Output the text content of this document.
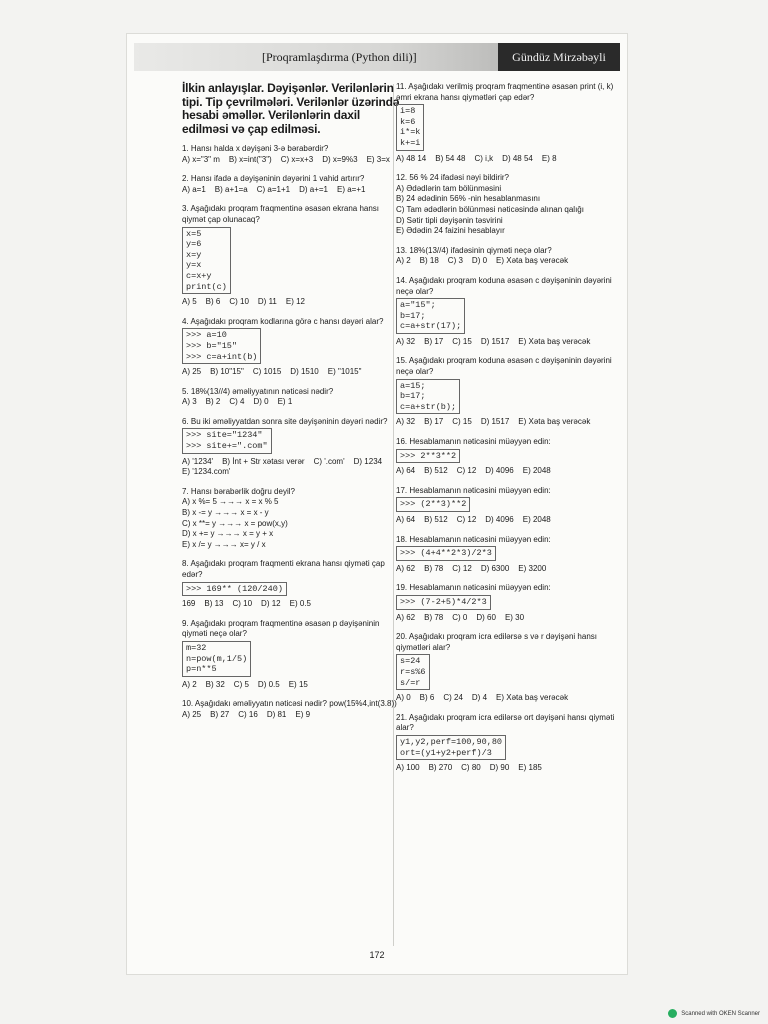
[Proqramlaşdırma (Python dili)]	Gündüz Mirzəbəyli
İlkin anlayışlar. Dəyişənlər. Verilənlərin tipi. Tip çevrilmələri. Verilənlər üzərində hesabi əməllər. Verilənlərin daxil edilməsi və çap edilməsi.
1. Hansı halda x dəyişəni 3-ə bərabərdir?
A) x="3" m B) x=int("3") C) x=x+3 D) x=9%3 E) 3=x
2. Hansı ifadə a dəyişəninin dəyərini 1 vahid artırır?
A) a=1 B) a+1=a C) a=1+1 D) a+=1 E) a=+1
3. Aşağıdakı proqram fraqmentinə əsasən ekrana hansı qiymət çap olunacaq?
x=5
y=6
x=y
y=x
c=x+y
print(c)
A) 5 B) 6 C) 10 D) 11 E) 12
4. Aşağıdakı proqram kodlarına görə c hansı dəyəri alar?
>>> a=10
>>> b="15"
>>> c=a+int(b)
A) 25 B) 10"15" C) 1015 D) 1510 E) "1015"
5. 18%(13//4) əməliyyatının nəticəsi nədir?
A) 3 B) 2 C) 4 D) 0 E) 1
6. Bu iki əməliyyatdan sonra site dəyişəninin dəyəri nədir?
>>> site="1234"
>>> site+=".com"
A) '1234' B) İnt + Str xətası verər C) '.com' D) 1234
E) '1234.com'
7. Hansı bərabərlik doğru deyil?
A) x %= 5 →→→ x = x % 5
B) x -= y →→→ x = x - y
C) x **= y →→→ x = pow(x,y)
D) x += y →→→ x = y + x
E) x /= y →→→ x= y / x
8. Aşağıdakı proqram fraqmenti ekrana hansı qiyməti çap edər?
>>> 169** (120/240)
169 B) 13 C) 10 D) 12 E) 0.5
9. Aşağıdakı proqram fraqmentinə əsasən p dəyişəninin qiyməti neçə olar?
m=32
n=pow(m,1/5)
p=n**5
A) 2 B) 32 C) 5 D) 0.5 E) 15
10. Aşağıdakı əməliyyatın nəticəsi nədir? pow(15%4,int(3.8))
A) 25 B) 27 C) 16 D) 81 E) 9
11. Aşağıdakı verilmiş proqram fraqmentinə əsasən print (i, k) əmri ekrana hansı qiymətləri çap edər?
i=8
k=6
i*=k
k+=i
A) 48 14 B) 54 48 C) i,k D) 48 54 E) 8
12. 56 % 24 ifadəsi nəyi bildirir?
A) Ədədlərin tam bölünməsini
B) 24 ədədinin 56% -nin hesablanmasını
C) Tam ədədlərin bölünməsi nəticəsində alınan qalığı
D) Sətir tipli dəyişənin təsvirini
E) Ədədin 24 faizini hesablayır
13. 18%(13//4) ifadəsinin qiyməti neçə olar?
A) 2 B) 18 C) 3 D) 0 E) Xəta baş verəcək
14. Aşağıdakı proqram koduna əsasən c dəyişəninin dəyərini neçə olar?
a="15";
b=17;
c=a+str(17);
A) 32 B) 17 C) 15 D) 1517 E) Xəta baş verəcək
15. Aşağıdakı proqram koduna əsasən c dəyişəninin dəyərini neçə olar?
a=15;
b=17;
c=a+str(b);
A) 32 B) 17 C) 15 D) 1517 E) Xəta baş verəcək
16. Hesablamanın nəticəsini müəyyən edin:
>>> 2**3**2
A) 64 B) 512 C) 12 D) 4096 E) 2048
17. Hesablamanın nəticəsini müəyyən edin:
>>> (2**3)**2
A) 64 B) 512 C) 12 D) 4096 E) 2048
18. Hesablamanın nəticəsini müəyyən edin:
>>> (4+4**2*3)/2*3
A) 62 B) 78 C) 12 D) 6300 E) 3200
19. Hesablamanın nəticəsini müəyyən edin:
>>> (7-2+5)*4/2*3
A) 62 B) 78 C) 0 D) 60 E) 30
20. Aşağıdakı proqram icra edilərsə s və r dəyişəni hansı qiymətləri alar?
s=24
r=s%6
s/=r
A) 0 B) 6 C) 24 D) 4 E) Xəta baş verəcək
21. Aşağıdakı proqram icra edilərsə ort dəyişəni hansı qiyməti alar?
y1,y2,perf=100,90,80
ort=(y1+y2+perf)/3
A) 100 B) 270 C) 80 D) 90 E) 185
172
Scanned with OKEN Scanner
